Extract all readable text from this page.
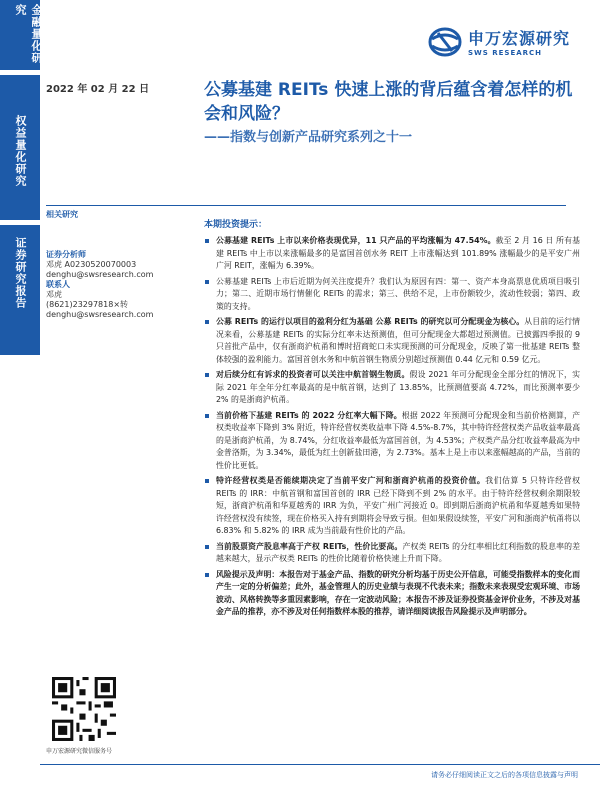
金融量化研究
权益量化研究
证券研究报告
申万宏源研究
SWS RESEARCH
2022 年 02 月 22 日	公募基建 REITs 快速上涨的背后蕴含着怎样的机会和风险？
——指数与创新产品研究系列之十一
相关研究
证券分析师
邓虎 A0230520070003
denghu@swsresearch.com
联系人
邓虎
(8621)23297818×转
denghu@swsresearch.com
申万宏源研究微信服务号
本期投资提示：
公募基建 REITs 上市以来价格表现优异，11 只产品的平均涨幅为 47.54%。截至 2 月 16 日 所有基建 REITs 中上市以来涨幅最多的是富国首创水务 REIT 上市涨幅达到 101.89% 涨幅最少的是平安广州广河 REIT，涨幅为 6.39%。
公募基建 REITs 上市后近期为何关注度提升？我们认为原因有四：第一、资产本身高票息优质项目吸引力；第二、近期市场行情催化 REITs 的需求；第三、供给不足，上市份额较少，流动性较弱；第四、政策的支持。
公募 REITs 的运行以项目的盈利分红为基础 公募 REITs 的研究以可分配现金为核心。从目前的运行情况来看，公募基建 REITs 的实际分红率未达预测值，但可分配现金大都超过预测值。已披露四季报的 9 只首批产品中，仅有浙商沪杭甬和博时招商蛇口未实现预测的可分配现金，反映了第一批基建 REITs 整体较强的盈利能力。富国首创水务和中航首钢生物质分别超过预测值 0.44 亿元和 0.59 亿元。
对后续分红有诉求的投资者可以关注中航首钢生物质。假设 2021 年可分配现金全部分红的情况下，实际 2021 年全年分红率最高的是中航首钢，达到了 13.85%，比预测值要高 4.72%，而比预测率要少 2% 的是浙商沪杭甬。
当前价格下基建 REITs 的 2022 分红率大幅下降。根据 2022 年预测可分配现金和当前价格测算，产权类收益率下降到 3% 附近，特许经营权类收益率下降 4.5%-8.7%，其中特许经营权类产品收益率最高的是浙商沪杭甬，为 8.74%，分红收益率最低为富国首创，为 4.53%；产权类产品分红收益率最高为中金普洛斯，为 3.34%，最低为红土创新盐田港，为 2.73%。基本上是上市以来涨幅越高的产品，当前的性价比更低。
特许经营权类是否能续期决定了当前平安广河和浙商沪杭甬的投资价值。我们估算 5 只特许经营权 REITs 的 IRR：中航首钢和富国首创的 IRR 已经下降到不到 2% 的水平。由于特许经营权剩余期限较短，浙商沪杭甬和华夏越秀的 IRR 为负，平安广州广河接近 0。即到期后浙商沪杭甬和华夏越秀如果特许经营权没有续签，现在价格买入持有到期将会导致亏损。但如果假设续签，平安广河和浙商沪杭甬将以 6.83% 和 5.82% 的 IRR 成为当前最有性价比的产品。
当前股票资产股息率高于产权 REITs，性价比要高。产权类 REITs 的分红率相比红利指数的股息率的差越来越大，显示产权类 REITs 的性价比随着价格快速上升而下降。
风险提示及声明：本报告对于基金产品、指数的研究分析均基于历史公开信息，可能受指数样本的变化而产生一定的分析偏差；此外，基金管理人的历史业绩与表现不代表未来；指数未来表现受宏观环境、市场波动、风格转换等多重因素影响，存在一定波动风险；本报告不涉及证券投资基金评价业务，不涉及对基金产品的推荐，亦不涉及对任何指数样本股的推荐，请详细阅读报告风险提示及声明部分。
请务必仔细阅读正文之后的各项信息披露与声明
